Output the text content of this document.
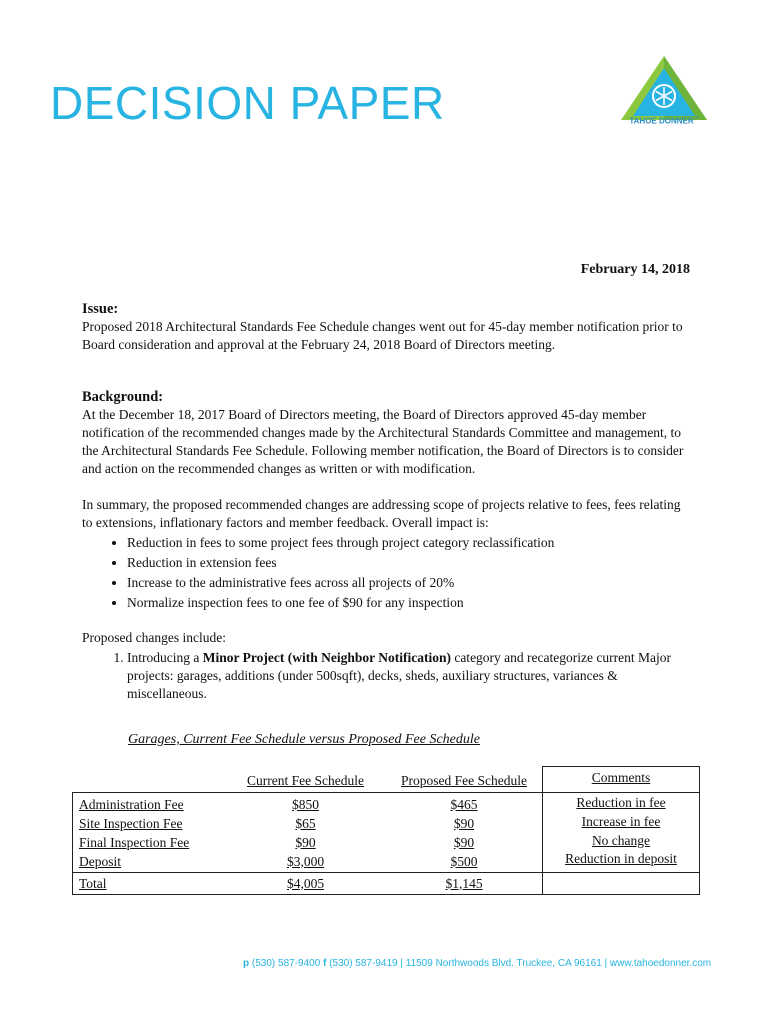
DECISION PAPER	TAHOE DONNER™
February 14, 2018

Issue:

Proposed 2018 Architectural Standards Fee Schedule changes went out for 45-day member notification prior to Board consideration and approval at the February 24, 2018 Board of Directors meeting.

Background:

At the December 18, 2017 Board of Directors meeting, the Board of Directors approved 45-day member notification of the recommended changes made by the Architectural Standards Committee and management, to the Architectural Standards Fee Schedule. Following member notification, the Board of Directors is to consider and action on the recommended changes as written or with modification.

In summary, the proposed recommended changes are addressing scope of projects relative to fees, fees relating to extensions, inflationary factors and member feedback. Overall impact is:

• Reduction in fees to some project fees through project category reclassification
• Reduction in extension fees
• Increase to the administrative fees across all projects of 20%
• Normalize inspection fees to one fee of $90 for any inspection

Proposed changes include:

1. Introducing a Minor Project (with Neighbor Notification) category and recategorize current Major projects: garages, additions (under 500sqft), decks, sheds, auxiliary structures, variances & miscellaneous.
Garages, Current Fee Schedule versus Proposed Fee Schedule
	Current Fee Schedule	Proposed Fee Schedule	Comments
Administration Fee	$850	$465	Reduction in fee
Site Inspection Fee	$65	$90	Increase in fee
Final Inspection Fee	$90	$90	No change
Deposit	$3,000	$500	Reduction in deposit
Total	$4,005	$1,145	
p (530) 587-9400 f (530) 587-9419 | 11509 Northwoods Blvd. Truckee, CA 96161 | www.tahoedonner.com
